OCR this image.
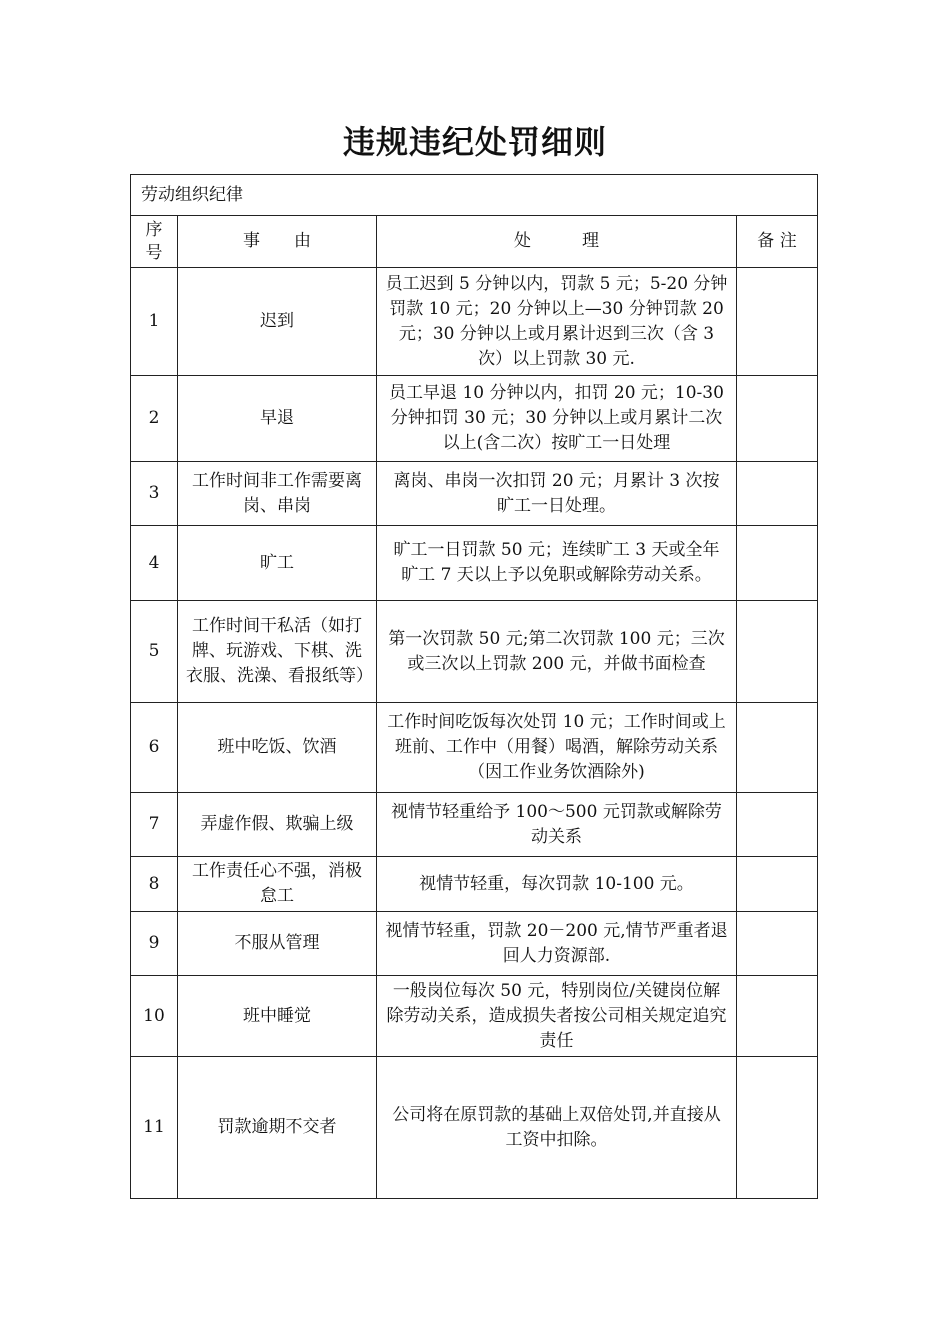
违规违纪处罚细则
劳动组织纪律			
序
号	事　　由	处　　　理	备 注
1	迟到	员工迟到 5 分钟以内，罚款 5 元；5-20 分钟罚款 10 元；20 分钟以上—30 分钟罚款 20 元；30 分钟以上或月累计迟到三次（含 3 次）以上罚款 30 元.	
2	早退	员工早退 10 分钟以内，扣罚 20 元；10-30 分钟扣罚 30 元；30 分钟以上或月累计二次以上(含二次）按旷工一日处理	
3	工作时间非工作需要离岗、串岗	离岗、串岗一次扣罚 20 元；月累计 3 次按旷工一日处理。	
4	旷工	旷工一日罚款 50 元；连续旷工 3 天或全年旷工 7 天以上予以免职或解除劳动关系。	
5	工作时间干私活（如打牌、玩游戏、下棋、洗衣服、洗澡、看报纸等）	第一次罚款 50 元;第二次罚款 100 元；三次或三次以上罚款 200 元，并做书面检查	
6	班中吃饭、饮酒	工作时间吃饭每次处罚 10 元；工作时间或上班前、工作中（用餐）喝酒，解除劳动关系（因工作业务饮酒除外)	
7	弄虚作假、欺骗上级	视情节轻重给予 100～500 元罚款或解除劳动关系	
8	工作责任心不强，消极怠工	视情节轻重，每次罚款 10-100 元。	
9	不服从管理	视情节轻重，罚款 20－200 元,情节严重者退回人力资源部.	
10	班中睡觉	一般岗位每次 50 元，特别岗位/关键岗位解除劳动关系，造成损失者按公司相关规定追究责任	
11	罚款逾期不交者	公司将在原罚款的基础上双倍处罚,并直接从工资中扣除。	
